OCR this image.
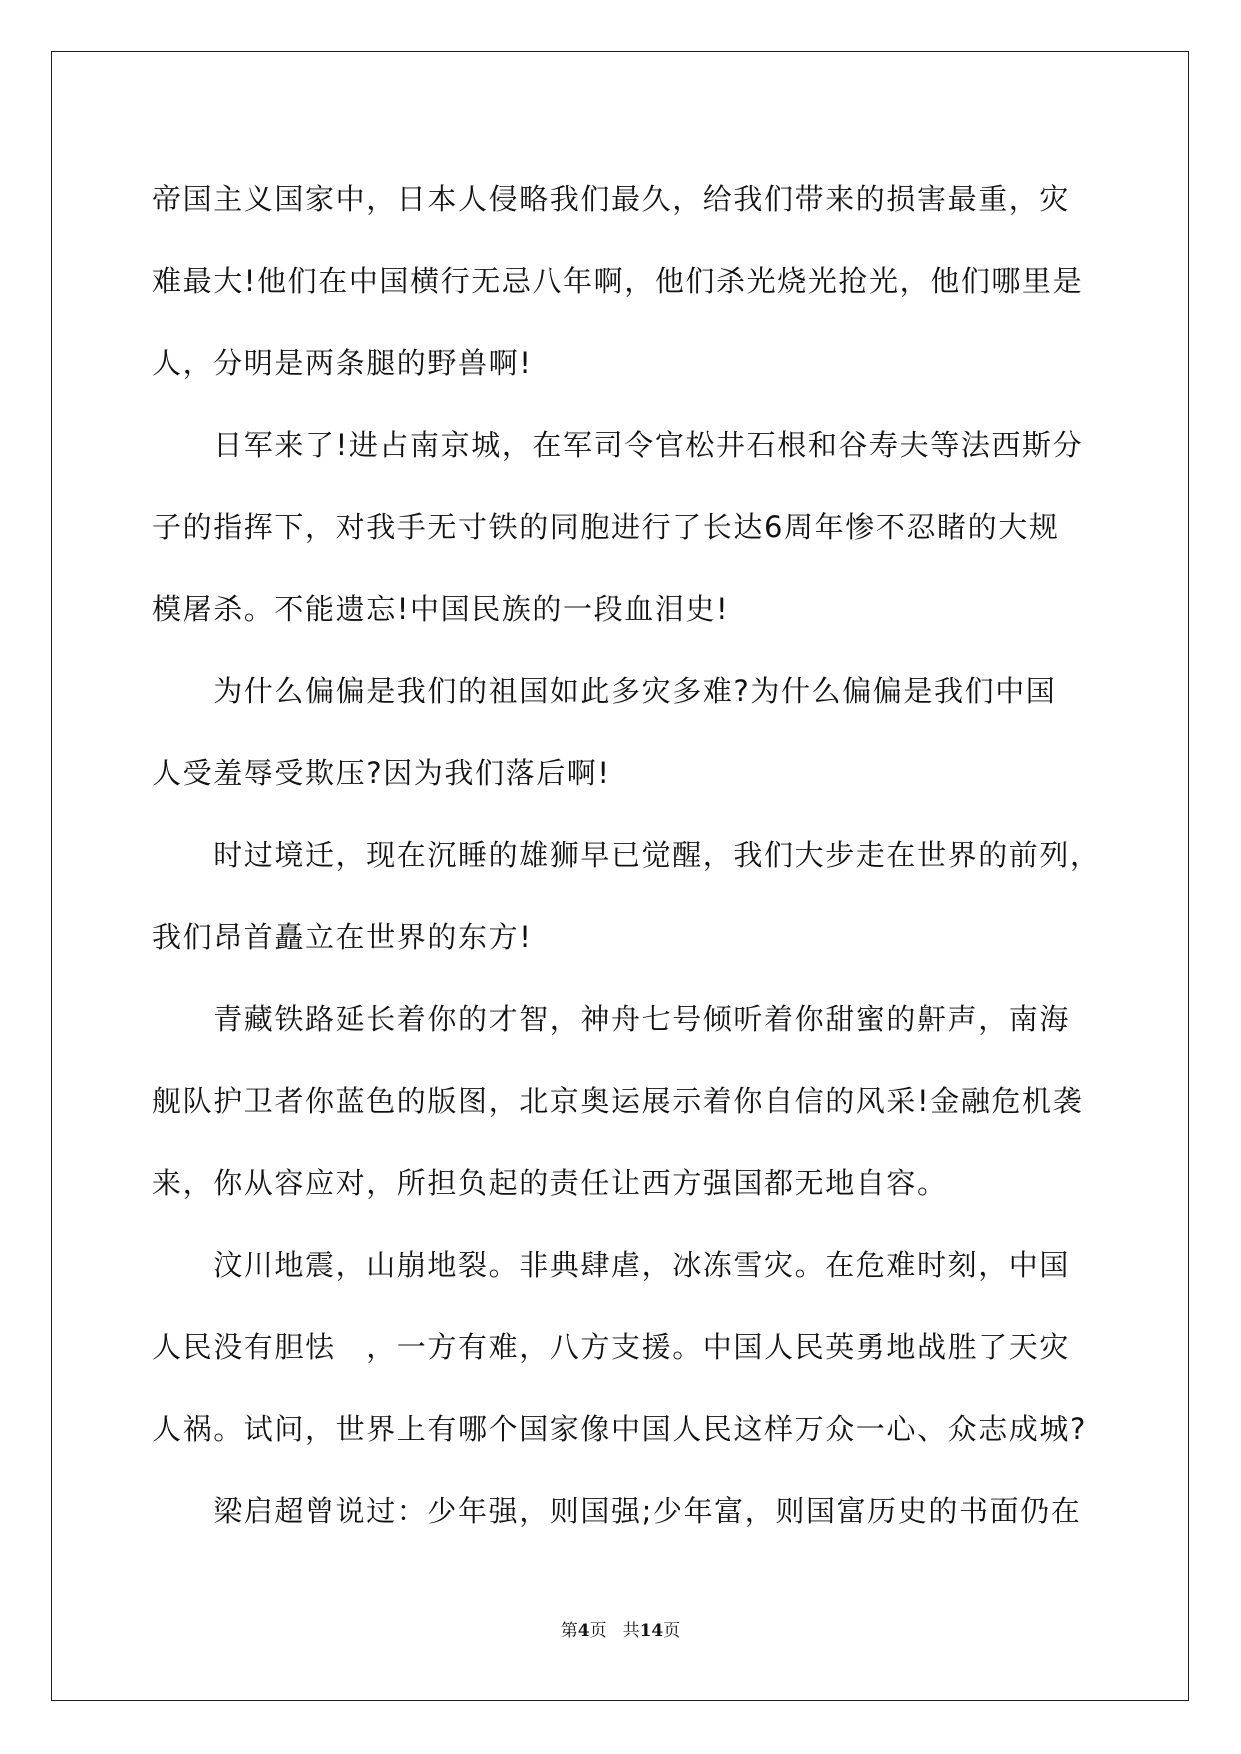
帝国主义国家中，日本人侵略我们最久，给我们带来的损害最重，灾
难最大!他们在中国横行无忌八年啊，他们杀光烧光抢光，他们哪里是
人，分明是两条腿的野兽啊!
　　日军来了!进占南京城，在军司令官松井石根和谷寿夫等法西斯分
子的指挥下，对我手无寸铁的同胞进行了长达6周年惨不忍睹的大规
模屠杀。不能遗忘!中国民族的一段血泪史!
　　为什么偏偏是我们的祖国如此多灾多难?为什么偏偏是我们中国
人受羞辱受欺压?因为我们落后啊!
　　时过境迁，现在沉睡的雄狮早已觉醒，我们大步走在世界的前列，
我们昂首矗立在世界的东方!
　　青藏铁路延长着你的才智，神舟七号倾听着你甜蜜的鼾声，南海
舰队护卫者你蓝色的版图，北京奥运展示着你自信的风采!金融危机袭
来，你从容应对，所担负起的责任让西方强国都无地自容。
　　汶川地震，山崩地裂。非典肆虐，冰冻雪灾。在危难时刻，中国
人民没有胆怯　，一方有难，八方支援。中国人民英勇地战胜了天灾
人祸。试问，世界上有哪个国家像中国人民这样万众一心、众志成城?
　　梁启超曾说过：少年强，则国强;少年富，则国富历史的书面仍在
第4页 共14页
